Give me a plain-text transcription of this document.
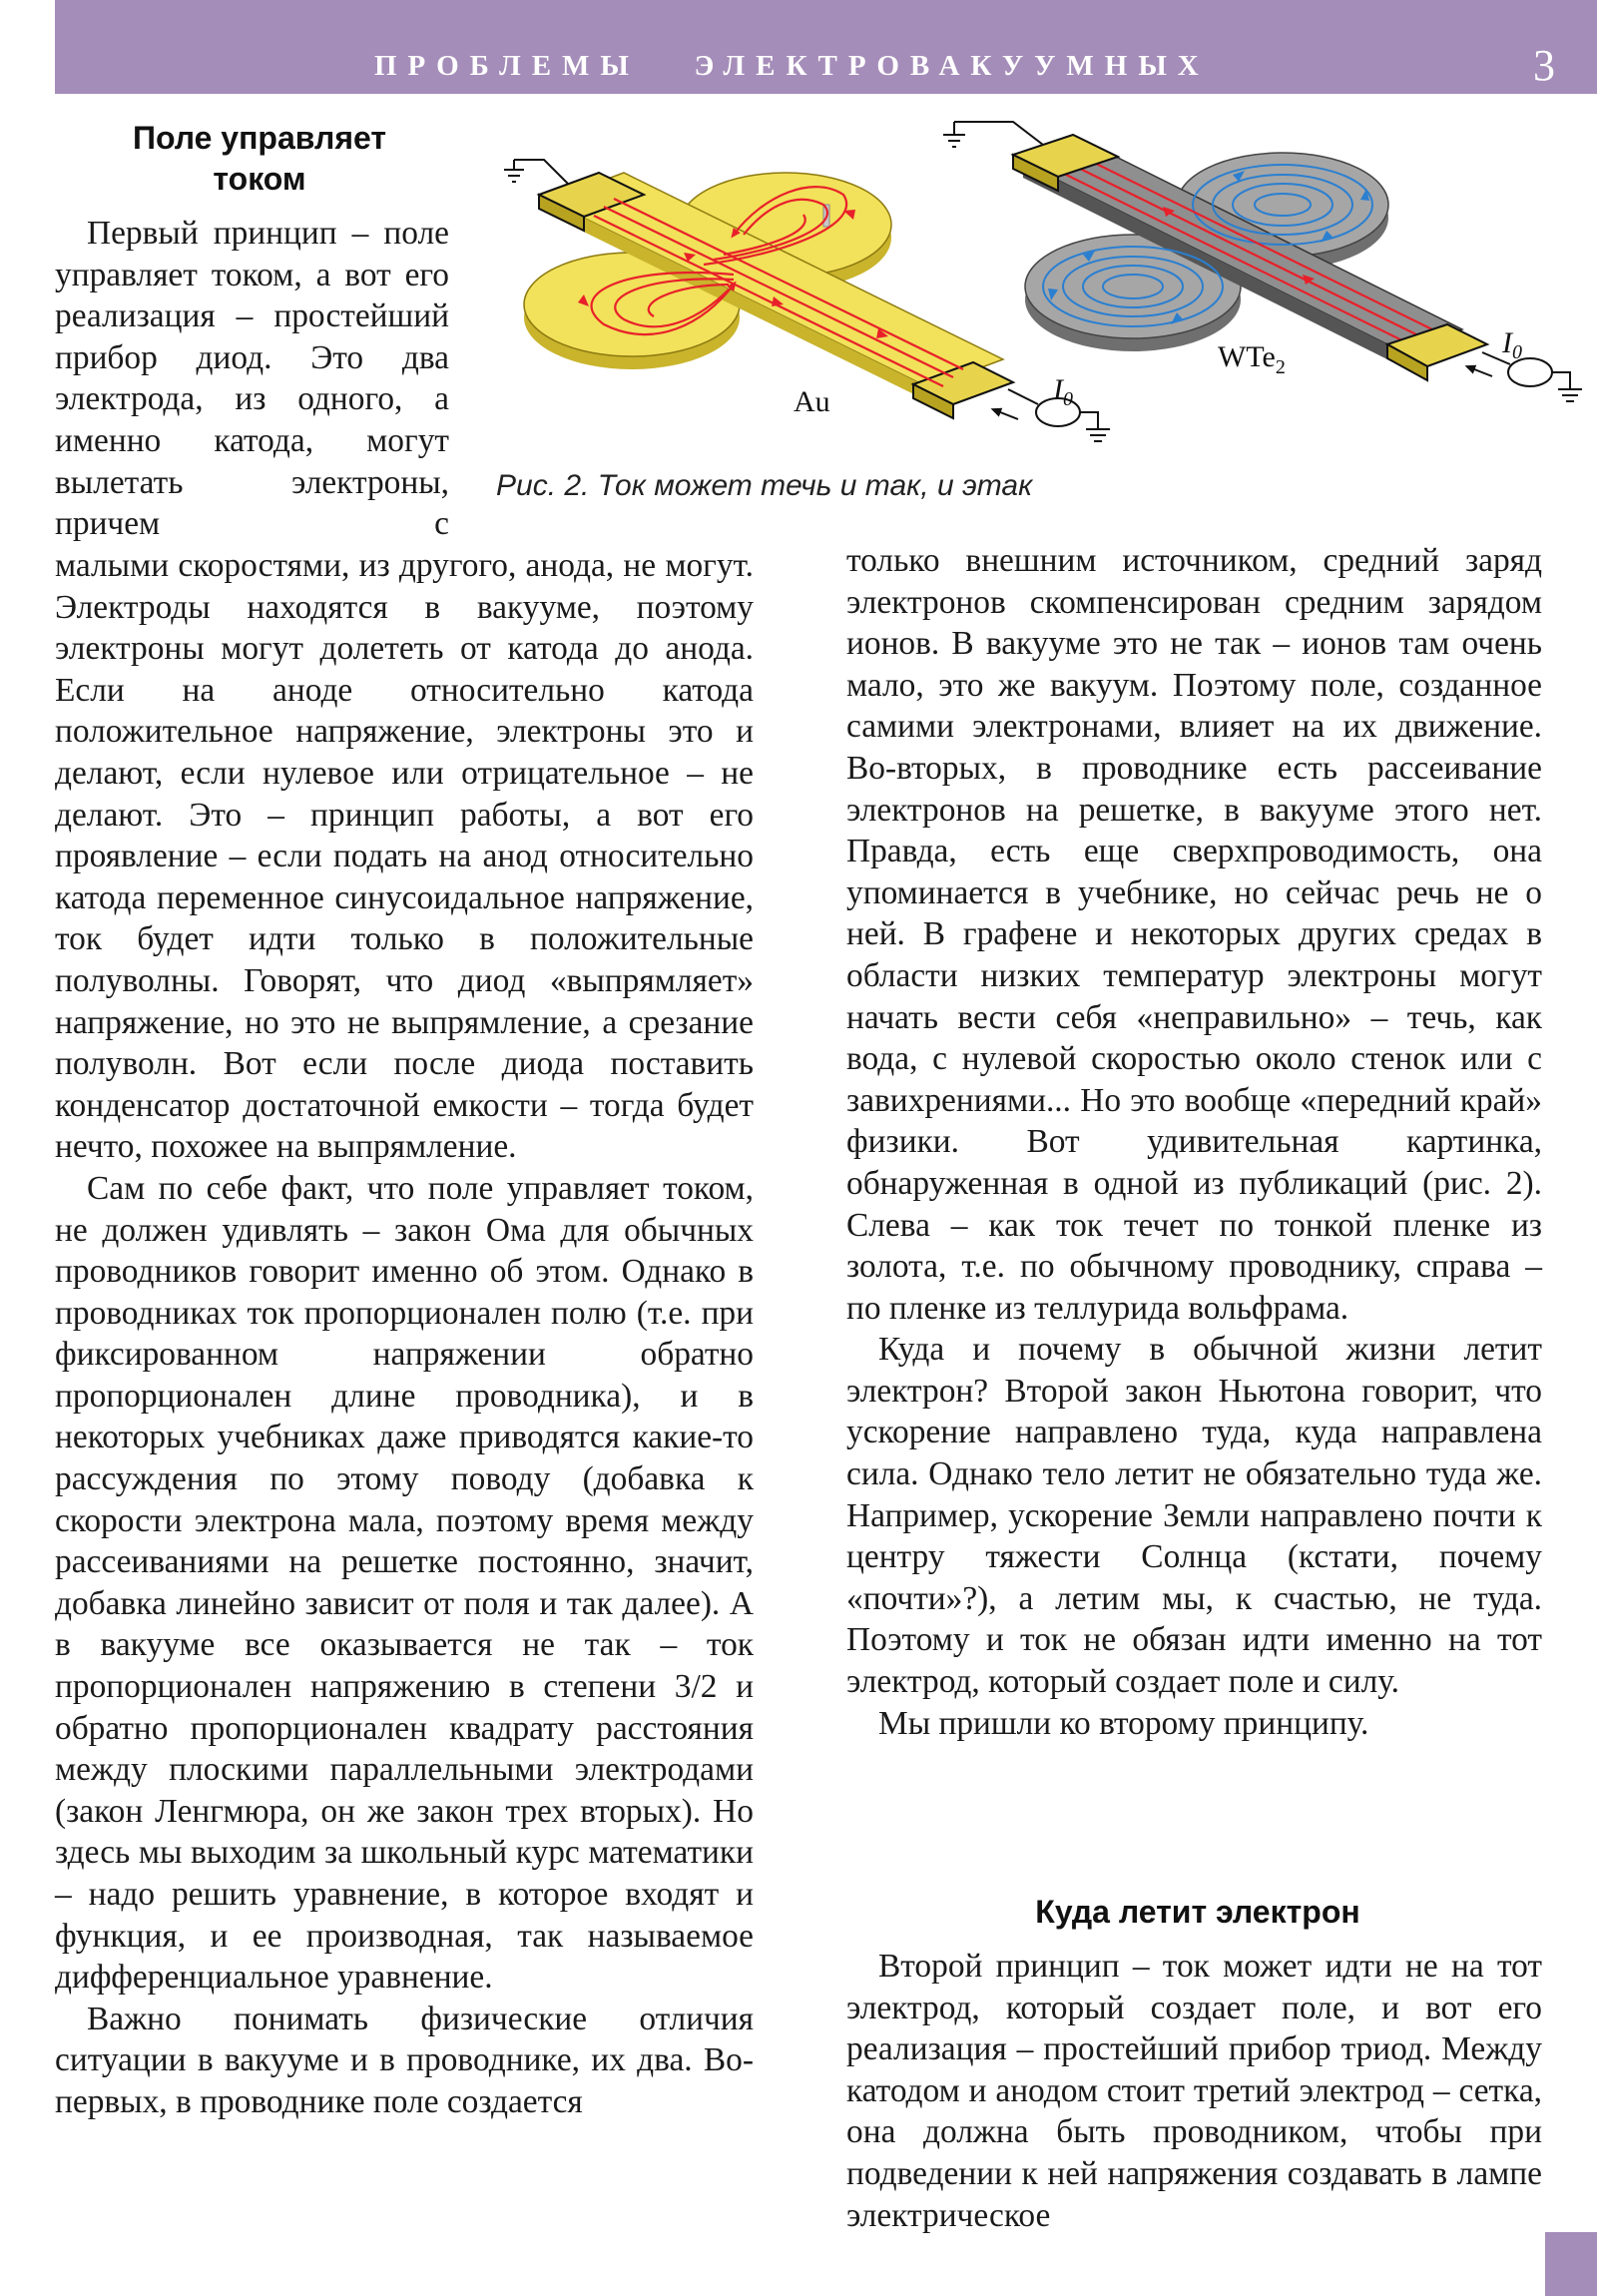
ПРОБЛЕМЫ   ЭЛЕКТРОВАКУУМНЫХ	3
Поле управляет
током

Первый принцип – поле управляет током, а вот его реализация – простейший прибор диод. Это два электрода, из одного, а именно катода, могут вылетать электроны, причем с

$I_0$
Au
$I_0$
WTe$_2$
Рис. 2. Ток может течь и так, и этак

малыми скоростями, из другого, анода, не могут. Электроды находятся в вакууме, поэтому электроны могут долететь от катода до анода. Если на аноде относительно катода положительное напряжение, электроны это и делают, если нулевое или отрицательное – не делают. Это – принцип работы, а вот его проявление – если подать на анод относительно катода переменное синусоидальное напряжение, ток будет идти только в положительные полуволны. Говорят, что диод «выпрямляет» напряжение, но это не выпрямление, а срезание полуволн. Вот если после диода поставить конденсатор достаточной емкости – тогда будет нечто, похожее на выпрямление.

Сам по себе факт, что поле управляет током, не должен удивлять – закон Ома для обычных проводников говорит именно об этом. Однако в проводниках ток пропорционален полю (т.е. при фиксированном напряжении обратно пропорционален длине проводника), и в некоторых учебниках даже приводятся какие-то рассуждения по этому поводу (добавка к скорости электрона мала, поэтому время между рассеиваниями на решетке постоянно, значит, добавка линейно зависит от поля и так далее). А в вакууме все оказывается не так – ток пропорционален напряжению в степени 3/2 и обратно пропорционален квадрату расстояния между плоскими параллельными электродами (закон Ленгмюра, он же закон трех вторых). Но здесь мы выходим за школьный курс математики – надо решить уравнение, в которое входят и функция, и ее производная, так называемое дифференциальное уравнение.

Важно понимать физические отличия ситуации в вакууме и в проводнике, их два. Во-первых, в проводнике поле создается

только внешним источником, средний заряд электронов скомпенсирован средним зарядом ионов. В вакууме это не так – ионов там очень мало, это же вакуум. Поэтому поле, созданное самими электронами, влияет на их движение. Во-вторых, в проводнике есть рассеивание электронов на решетке, в вакууме этого нет. Правда, есть еще сверхпроводимость, она упоминается в учебнике, но сейчас речь не о ней. В графене и некоторых других средах в области низких температур электроны могут начать вести себя «неправильно» – течь, как вода, с нулевой скоростью около стенок или с завихрениями... Но это вообще «передний край» физики. Вот удивительная картинка, обнаруженная в одной из публикаций (рис. 2). Слева – как ток течет по тонкой пленке из золота, т.е. по обычному проводнику, справа – по пленке из теллурида вольфрама.

Куда и почему в обычной жизни летит электрон? Второй закон Ньютона говорит, что ускорение направлено туда, куда направлена сила. Однако тело летит не обязательно туда же. Например, ускорение Земли направлено почти к центру тяжести Солнца (кстати, почему «почти»?), а летим мы, к счастью, не туда. Поэтому и ток не обязан идти именно на тот электрод, который создает поле и силу.

Мы пришли ко второму принципу.

Куда летит электрон

Второй принцип – ток может идти не на тот электрод, который создает поле, и вот его реализация – простейший прибор триод. Между катодом и анодом стоит третий электрод – сетка, она должна быть проводником, чтобы при подведении к ней напряжения создавать в лампе электрическое
